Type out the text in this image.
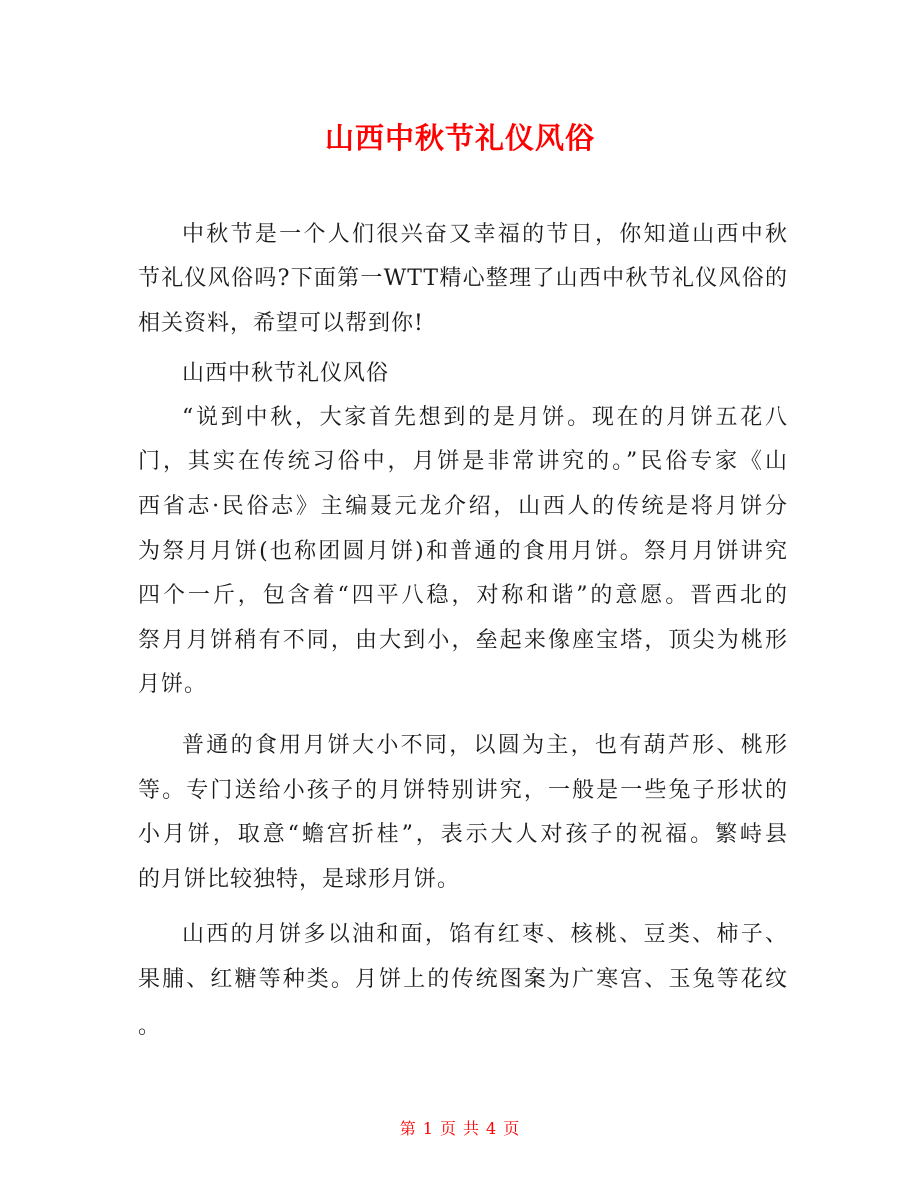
山西中秋节礼仪风俗
中秋节是一个人们很兴奋又幸福的节日，你知道山西中秋
节礼仪风俗吗?下面第一WTT精心整理了山西中秋节礼仪风俗的
相关资料，希望可以帮到你!
山西中秋节礼仪风俗
“说到中秋，大家首先想到的是月饼。现在的月饼五花八
门，其实在传统习俗中，月饼是非常讲究的。”民俗专家《山
西省志·民俗志》主编聂元龙介绍，山西人的传统是将月饼分
为祭月月饼(也称团圆月饼)和普通的食用月饼。祭月月饼讲究
四个一斤，包含着“四平八稳，对称和谐”的意愿。晋西北的
祭月月饼稍有不同，由大到小，垒起来像座宝塔，顶尖为桃形
月饼。
普通的食用月饼大小不同，以圆为主，也有葫芦形、桃形
等。专门送给小孩子的月饼特别讲究，一般是一些兔子形状的
小月饼，取意“蟾宫折桂”，表示大人对孩子的祝福。繁峙县
的月饼比较独特，是球形月饼。
山西的月饼多以油和面，馅有红枣、核桃、豆类、柿子、
果脯、红糖等种类。月饼上的传统图案为广寒宫、玉兔等花纹
。
第 1 页 共 4 页
